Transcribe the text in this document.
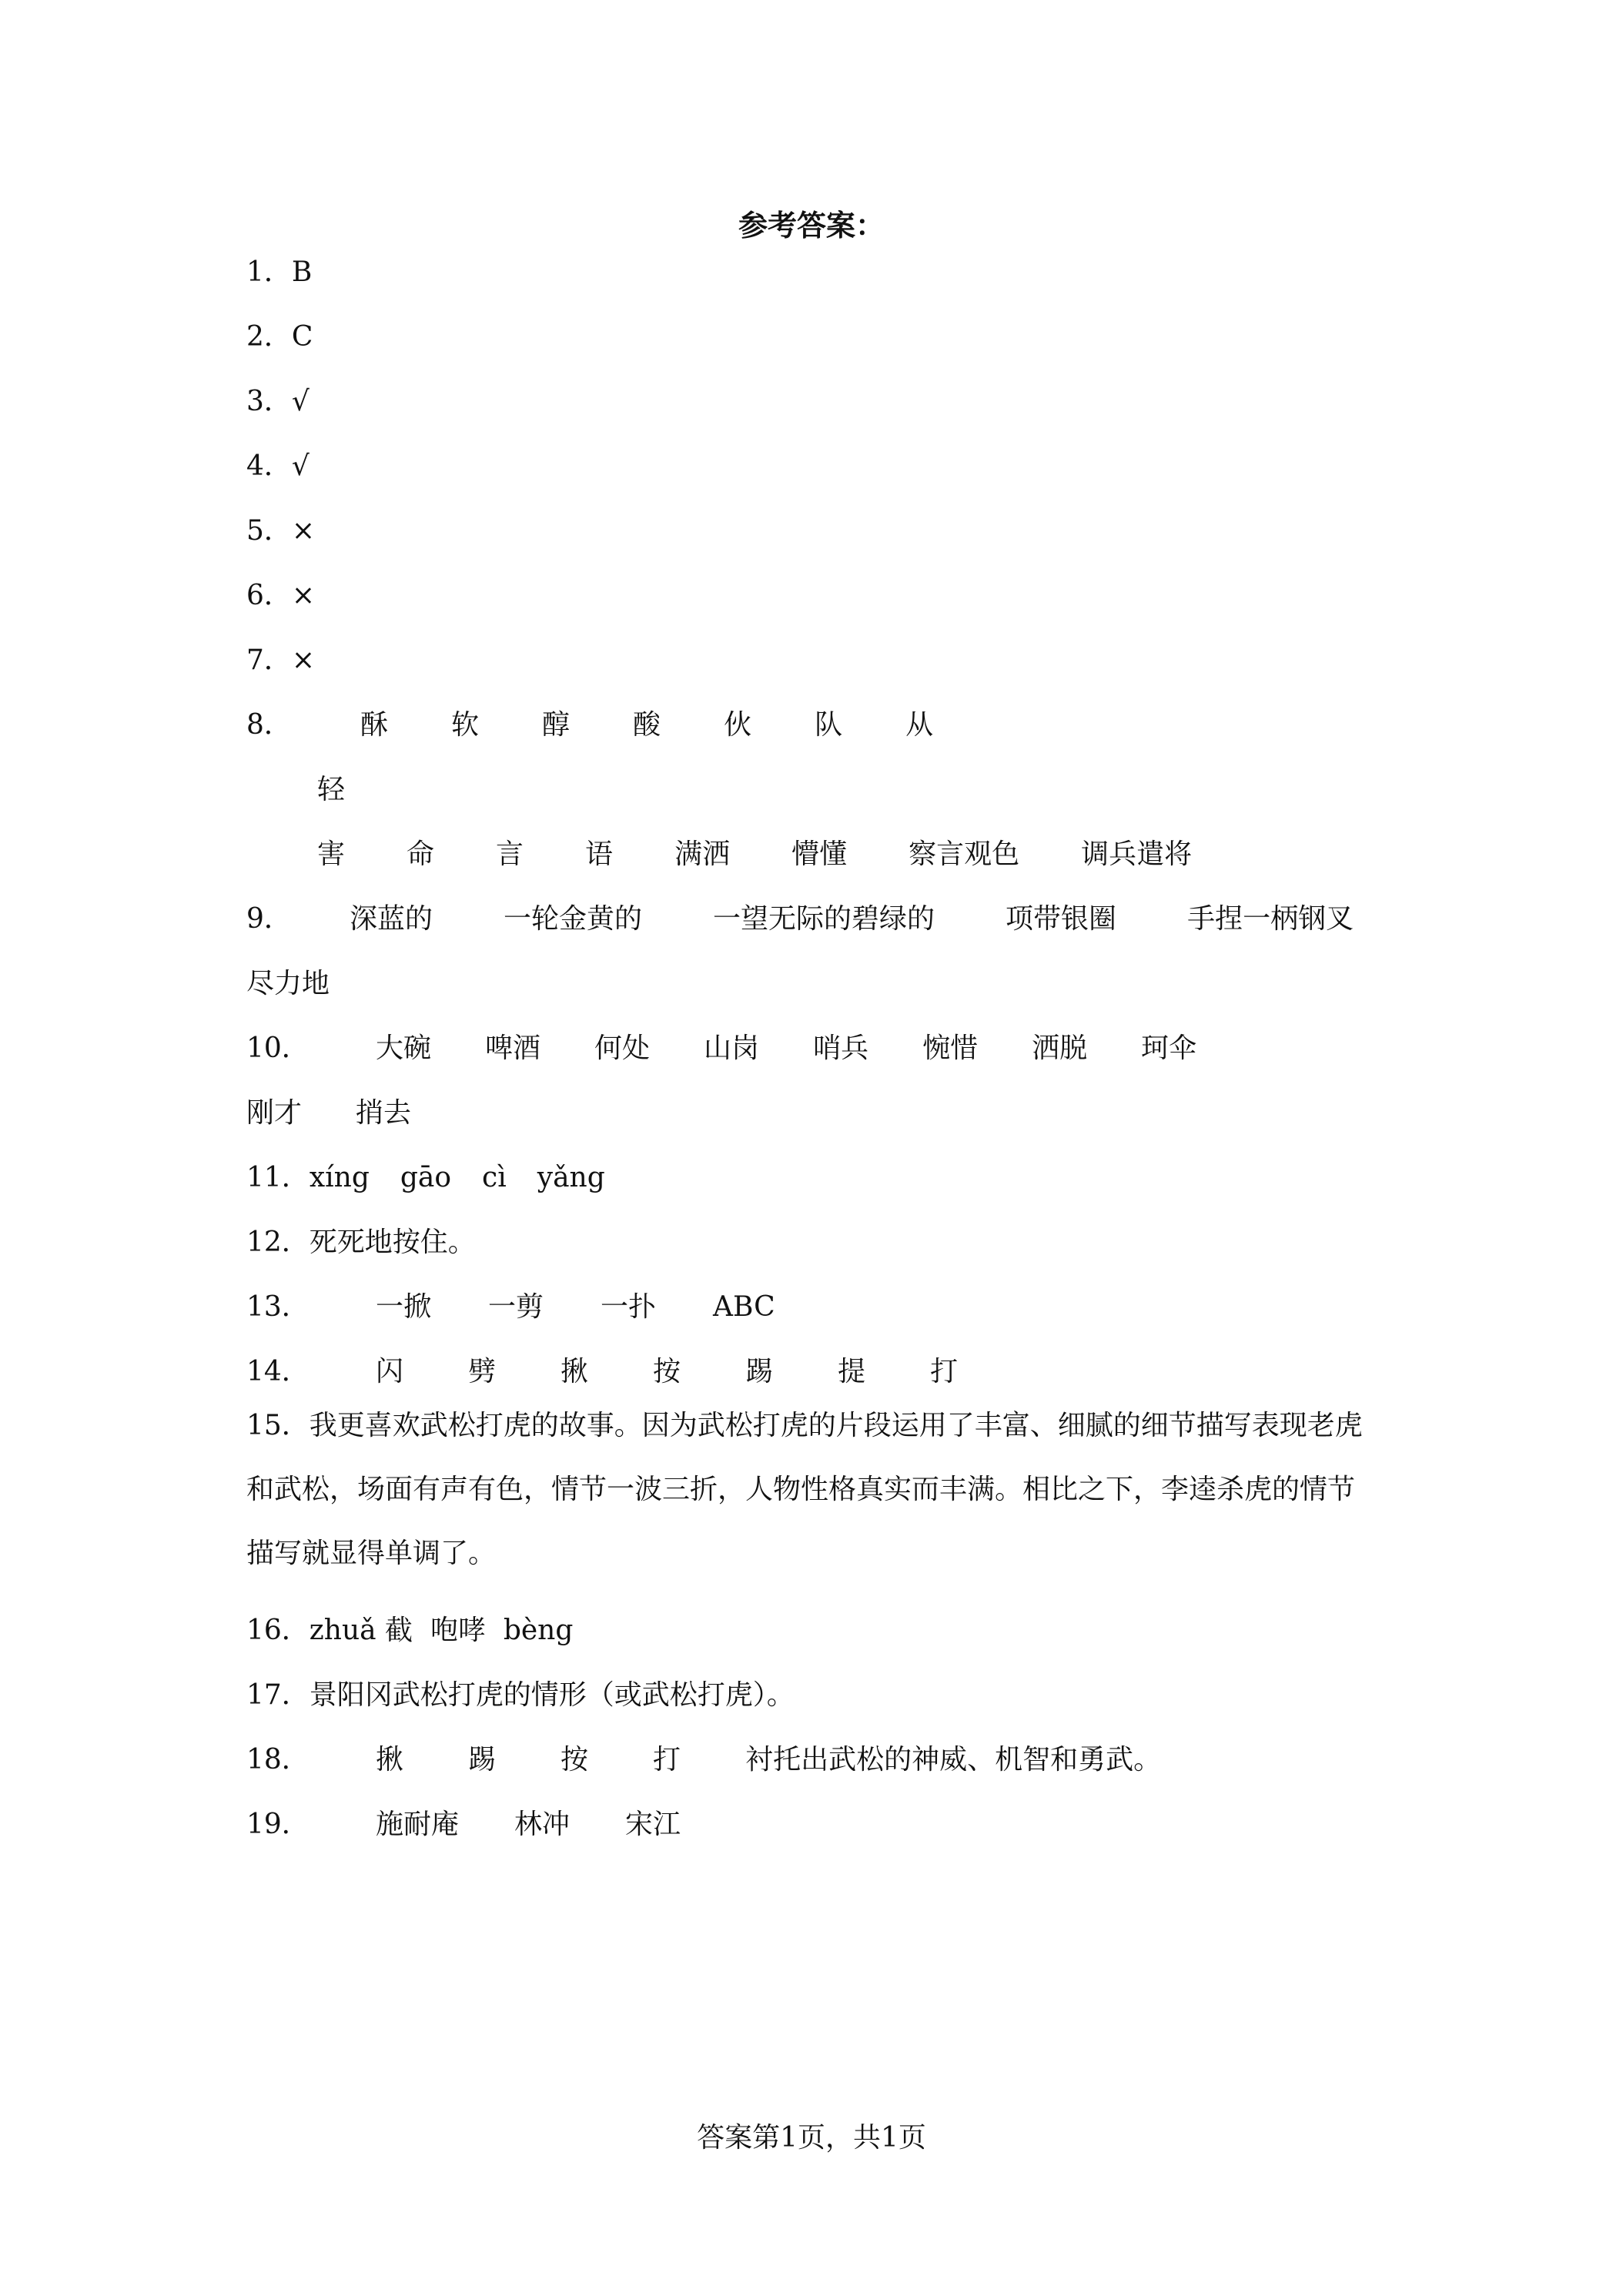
参考答案：
1．B
2．C
3．√
4．√
5．×
6．×
7．×
8． 酥 软 醇 酸 伙 队 从
轻
害 命 言 语 满洒 懵懂 察言观色 调兵遣将
9． 深蓝的	一轮金黄的	一望无际的碧绿的	项带银圈	手捏一柄钢叉
尽力地
10． 大碗 啤酒 何处 山岗 哨兵 惋惜 洒脱 珂伞
刚才 捎去
11．xíng gāo cì yǎng
12．死死地按住。
13． 一掀 一剪 一扑 ABC
14． 闪 劈 揪 按 踢 提 打
15．我更喜欢武松打虎的故事。因为武松打虎的片段运用了丰富、细腻的细节描写表现老虎和武松，场面有声有色，情节一波三折，人物性格真实而丰满。相比之下，李逵杀虎的情节描写就显得单调了。
16．zhuǎ 截  咆哮  bèng
17．景阳冈武松打虎的情形（或武松打虎）。
18． 揪 踢 按 打 衬托出武松的神威、机智和勇武。
19． 施耐庵 林冲 宋江
答案第1页，共1页
